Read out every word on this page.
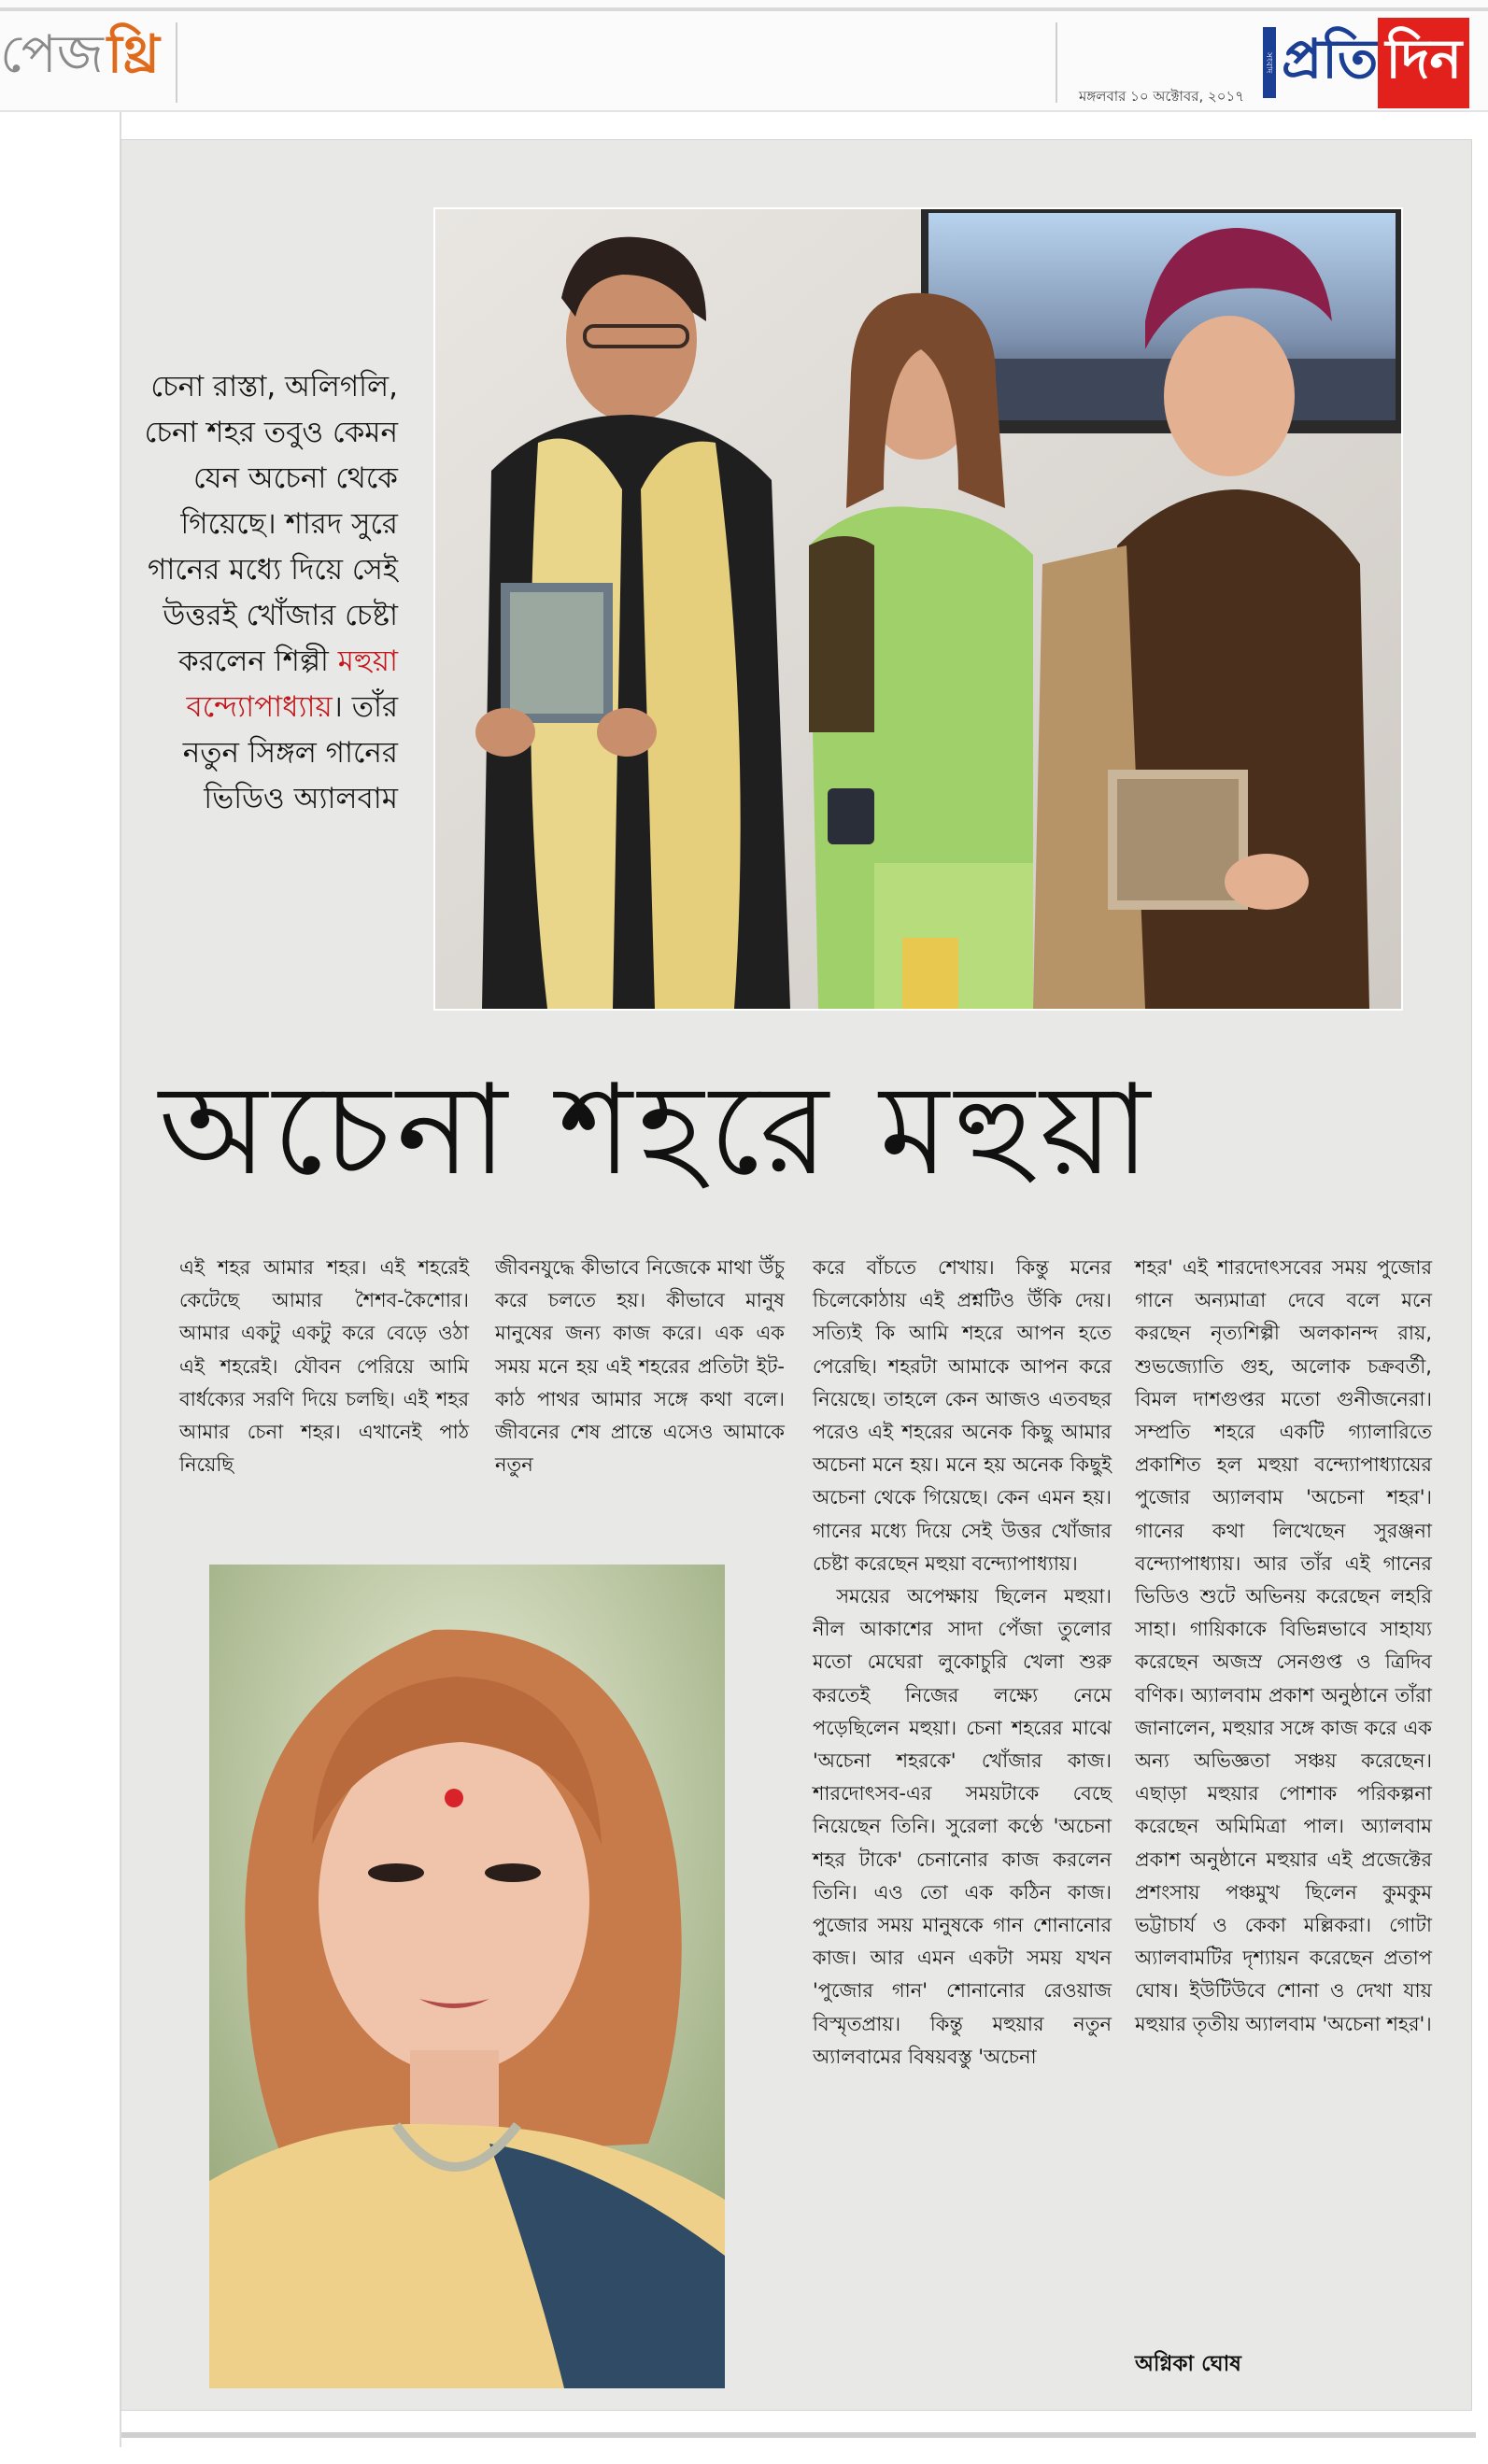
পেজ থ্রি
মঙ্গলবার ১০ অক্টোবর, ২০১৭
সংবাদ প্রতি দিন
চেনা রাস্তা, অলিগলি, চেনা শহর তবুও কেমন যেন অচেনা থেকে গিয়েছে। শারদ সুরে গানের মধ্যে দিয়ে সেই উত্তরই খোঁজার চেষ্টা করলেন শিল্পী মহুয়া বন্দ্যোপাধ্যায়। তাঁর নতুন সিঙ্গল গানের ভিডিও অ্যালবাম
অচেনা শহরে মহুয়া

এই শহর আমার শহর। এই শহরেই কেটেছে আমার শৈশব-কৈশোর। আমার একটু একটু করে বেড়ে ওঠা এই শহরেই। যৌবন পেরিয়ে আমি বার্ধক্যের সরণি দিয়ে চলছি। এই শহর আমার চেনা শহর। এখানেই পাঠ নিয়েছি

জীবনযুদ্ধে কীভাবে নিজেকে মাথা উঁচু করে চলতে হয়। কীভাবে মানুষ মানুষের জন্য কাজ করে। এক এক সময় মনে হয় এই শহরের প্রতিটা ইট-কাঠ পাথর আমার সঙ্গে কথা বলে। জীবনের শেষ প্রান্তে এসেও আমাকে নতুন

করে বাঁচতে শেখায়। কিন্তু মনের চিলেকোঠায় এই প্রশ্নটিও উঁকি দেয়। সত্যিই কি আমি শহরে আপন হতে পেরেছি। শহরটা আমাকে আপন করে নিয়েছে। তাহলে কেন আজও এতবছর পরেও এই শহরের অনেক কিছু আমার অচেনা মনে হয়। মনে হয় অনেক কিছুই অচেনা থেকে গিয়েছে। কেন এমন হয়। গানের মধ্যে দিয়ে সেই উত্তর খোঁজার চেষ্টা করেছেন মহুয়া বন্দ্যোপাধ্যায়।

সময়ের অপেক্ষায় ছিলেন মহুয়া। নীল আকাশের সাদা পেঁজা তুলোর মতো মেঘেরা লুকোচুরি খেলা শুরু করতেই নিজের লক্ষ্যে নেমে পড়েছিলেন মহুয়া। চেনা শহরের মাঝে 'অচেনা শহরকে' খোঁজার কাজ। শারদোৎসব-এর সময়টাকে বেছে নিয়েছেন তিনি। সুরেলা কণ্ঠে 'অচেনা শহর টাকে' চেনানোর কাজ করলেন তিনি। এও তো এক কঠিন কাজ। পুজোর সময় মানুষকে গান শোনানোর কাজ। আর এমন একটা সময় যখন 'পুজোর গান' শোনানোর রেওয়াজ বিস্মৃতপ্রায়। কিন্তু মহুয়ার নতুন অ্যালবামের বিষয়বস্তু 'অচেনা

শহর' এই শারদোৎসবের সময় পুজোর গানে অন্যমাত্রা দেবে বলে মনে করছেন নৃত্যশিল্পী অলকানন্দ রায়, শুভজ্যোতি গুহ, অলোক চক্রবর্তী, বিমল দাশগুপ্তর মতো গুনীজনেরা। সম্প্রতি শহরে একটি গ্যালারিতে প্রকাশিত হল মহুয়া বন্দ্যোপাধ্যায়ের পুজোর অ্যালবাম 'অচেনা শহর'। গানের কথা লিখেছেন সুরঞ্জনা বন্দ্যোপাধ্যায়। আর তাঁর এই গানের ভিডিও শুটে অভিনয় করেছেন লহরি সাহা। গায়িকাকে বিভিন্নভাবে সাহায্য করেছেন অজস্র সেনগুপ্ত ও ত্রিদিব বণিক। অ্যালবাম প্রকাশ অনুষ্ঠানে তাঁরা জানালেন, মহুয়ার সঙ্গে কাজ করে এক অন্য অভিজ্ঞতা সঞ্চয় করেছেন। এছাড়া মহুয়ার পোশাক পরিকল্পনা করেছেন অমিমিত্রা পাল। অ্যালবাম প্রকাশ অনুষ্ঠানে মহুয়ার এই প্রজেক্টের প্রশংসায় পঞ্চমুখ ছিলেন কুমকুম ভট্টাচার্য ও কেকা মল্লিকরা। গোটা অ্যালবামটির দৃশ্যায়ন করেছেন প্রতাপ ঘোষ। ইউটিউবে শোনা ও দেখা যায় মহুয়ার তৃতীয় অ্যালবাম 'অচেনা শহর'।

অগ্নিকা ঘোষ
